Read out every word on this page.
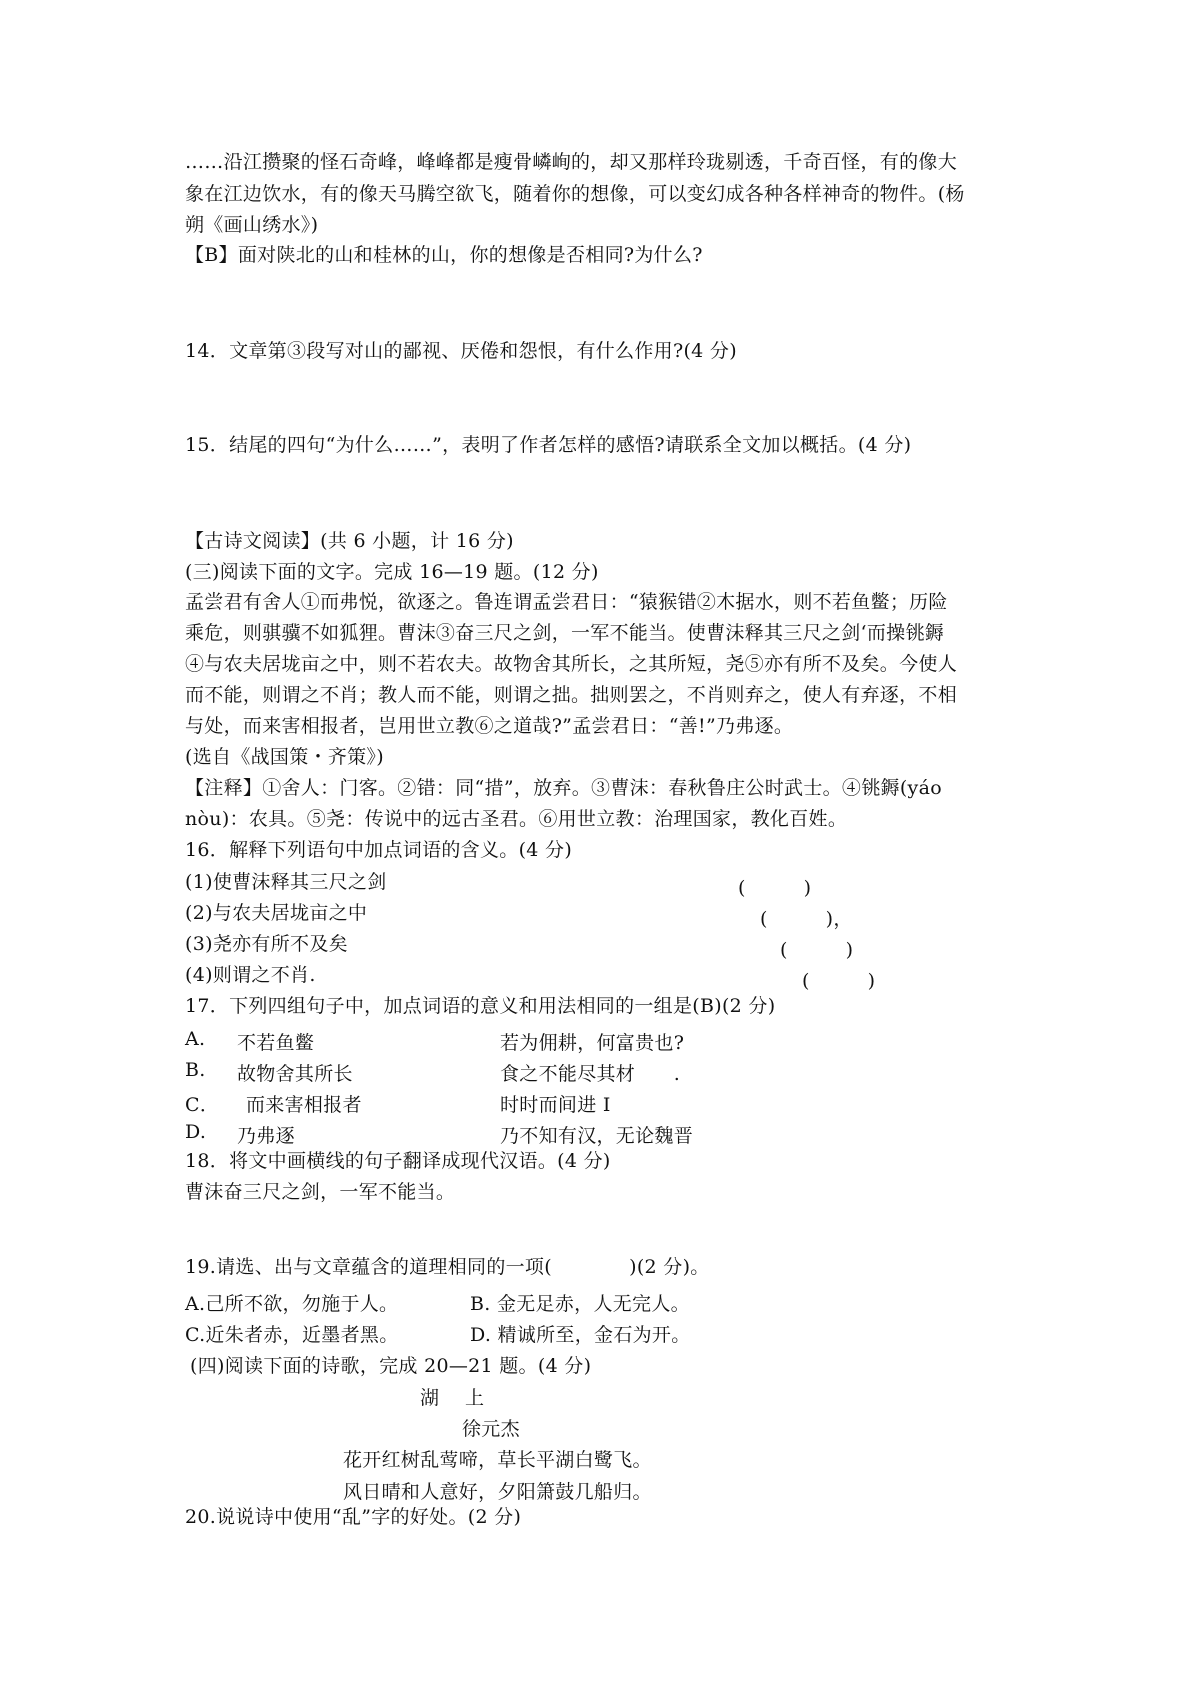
……沿江攒聚的怪石奇峰，峰峰都是瘦骨嶙峋的，却又那样玲珑剔透，千奇百怪，有的像大
象在江边饮水，有的像天马腾空欲飞，随着你的想像，可以变幻成各种各样神奇的物件。(杨
朔《画山绣水》)
【B】面对陕北的山和桂林的山，你的想像是否相同?为什么?
14．文章第③段写对山的鄙视、厌倦和怨恨，有什么作用?(4 分)
15．结尾的四句“为什么……”，表明了作者怎样的感悟?请联系全文加以概括。(4 分)
【古诗文阅读】(共 6 小题，计 16 分)
(三)阅读下面的文字。完成 16—19 题。(12 分)
孟尝君有舍人①而弗悦，欲逐之。鲁连谓孟尝君日：“猿猴错②木据水，则不若鱼鳖；历险
乘危，则骐骥不如狐狸。曹沫③奋三尺之剑，一军不能当。使曹沫释其三尺之剑‘而操铫鎒
④与农夫居垅亩之中，则不若农夫。故物舍其所长，之其所短，尧⑤亦有所不及矣。今使人
而不能，则谓之不肖；教人而不能，则谓之拙。拙则罢之，不肖则弃之，使人有弃逐，不相
与处，而来害相报者，岂用世立教⑥之道哉?”孟尝君日：“善!”乃弗逐。
(选自《战国策・齐策》)
【注释】①舍人：门客。②错：同“措”，放弃。③曹沫：春秋鲁庄公时武士。④铫鎒(yáo
nòu)：农具。⑤尧：传说中的远古圣君。⑥用世立教：治理国家，教化百姓。
16．解释下列语句中加点词语的含义。(4 分)
(1)使曹沫释其三尺之剑	(　　　)
(2)与农夫居垅亩之中	(　　　)，
(3)尧亦有所不及矣	(　　　)
(4)则谓之不肖.	(　　　)
17．下列四组句子中，加点词语的意义和用法相同的一组是(B)(2 分)
A. 不若鱼鳖	若为佣耕，何富贵也?
B. 故物舍其所长	食之不能尽其材　　.
C． 而来害相报者	时时而间进 I
D. 乃弗逐	乃不知有汉，无论魏晋
18．将文中画横线的句子翻译成现代汉语。(4 分)
曹沫奋三尺之剑，一军不能当。
19.请选、出与文章蕴含的道理相同的一项(　　　　)(2 分)。
A.己所不欲，勿施于人。	B. 金无足赤，人无完人。
C.近朱者赤，近墨者黑。	D. 精诚所至，金石为开。
(四)阅读下面的诗歌，完成 20—21 题。(4 分)
湖　 上
徐元杰
花开红树乱莺啼，草长平湖白鹭飞。
风日晴和人意好，夕阳箫鼓几船归。
20.说说诗中使用“乱”字的好处。(2 分)
